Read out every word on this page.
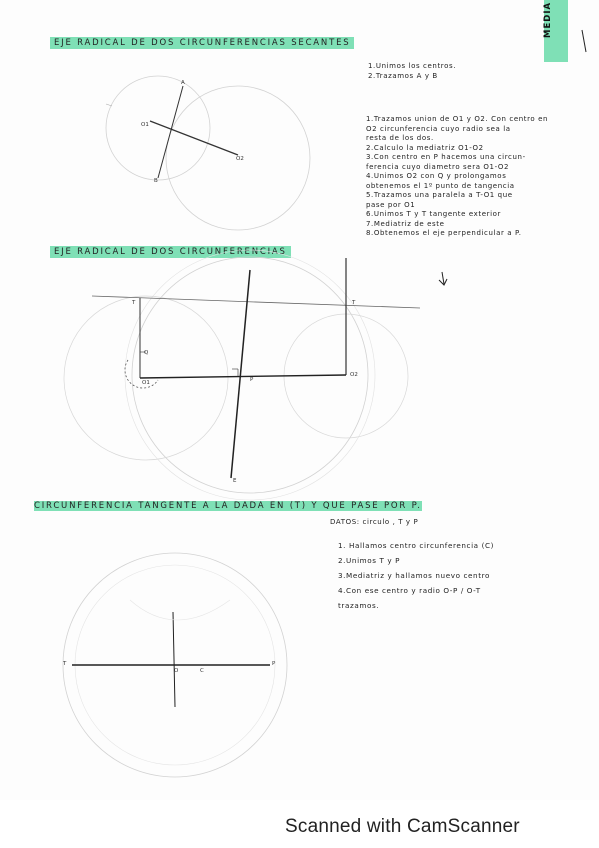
MEDIA
EJE RADICAL DE DOS CIRCUNFERENCIAS SECANTES
O1
O2
A
B
1.Unimos los centros.
2.Trazamos A y B
1.Trazamos union de O1 y O2. Con centro en
O2 circunferencia cuyo radio sea la
resta de los dos.
2.Calculo la mediatriz O1-O2
3.Con centro en P hacemos una circun-
ferencia cuyo diametro sera O1-O2
4.Unimos O2 con Q y prolongamos
obtenemos el 1º punto de tangencia
5.Trazamos una paralela a T-O1 que
pase por O1
6.Unimos T y T tangente exterior
7.Mediatriz de este
8.Obtenemos el eje perpendicular a P.
EJE RADICAL DE DOS CIRCUNFERENCIAS
T	T
O1
O2
P
Q
E
CIRCUNFERENCIA TANGENTE A LA DADA EN (T) Y QUE PASE POR P.
DATOS: circulo , T y P
1. Hallamos centro circunferencia (C)
2.Unimos T y P
3.Mediatriz y hallamos nuevo centro
4.Con ese centro y radio O-P / O-T
trazamos.
T	P
O	C
Scanned with CamScanner
